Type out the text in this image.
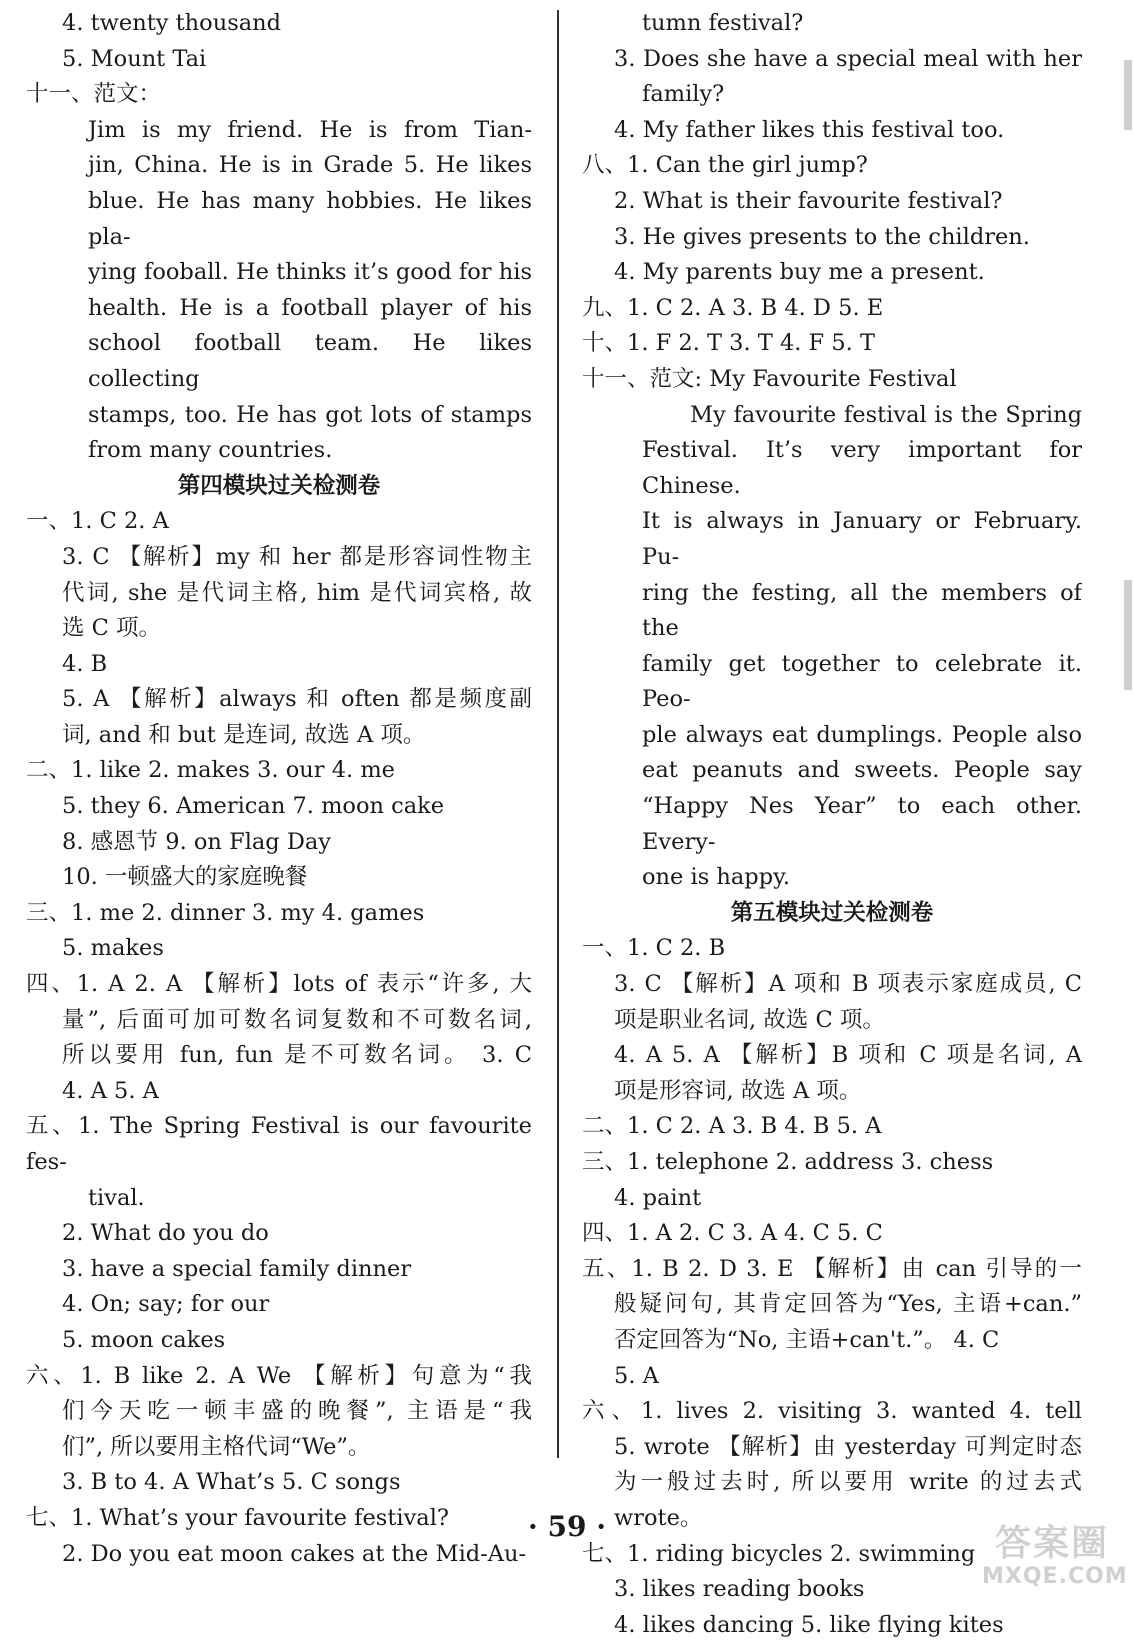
4. twenty thousand
5. Mount Tai
十一、范文：
Jim is my friend. He is from Tian-
jin, China. He is in Grade 5. He likes
blue. He has many hobbies. He likes pla-
ying fooball. He thinks it’s good for his
health. He is a football player of his
school football team. He likes collecting
stamps, too. He has got lots of stamps
from many countries.
第四模块过关检测卷
一、1. C 2. A
3. C 【解析】my 和 her 都是形容词性物主
代词, she 是代词主格, him 是代词宾格, 故
选 C 项。
4. B
5. A 【解析】always 和 often 都是频度副
词, and 和 but 是连词, 故选 A 项。
二、1. like 2. makes 3. our 4. me
5. they 6. American 7. moon cake
8. 感恩节 9. on Flag Day
10. 一顿盛大的家庭晚餐
三、1. me 2. dinner 3. my 4. games
5. makes
四、1. A 2. A 【解析】lots of 表示“许多, 大
量”, 后面可加可数名词复数和不可数名词,
所以要用 fun, fun 是不可数名词。 3. C
4. A 5. A
五、1. The Spring Festival is our favourite fes-
tival.
2. What do you do
3. have a special family dinner
4. On; say; for our
5. moon cakes
六、1. B like 2. A We 【解析】句意为“我
们今天吃一顿丰盛的晚餐”, 主语是“我
们”, 所以要用主格代词“We”。
3. B to 4. A What’s 5. C songs
七、1. What’s your favourite festival?
2. Do you eat moon cakes at the Mid-Au-
tumn festival?
3. Does she have a special meal with her
family?
4. My father likes this festival too.
八、1. Can the girl jump?
2. What is their favourite festival?
3. He gives presents to the children.
4. My parents buy me a present.
九、1. C 2. A 3. B 4. D 5. E
十、1. F 2. T 3. T 4. F 5. T
十一、范文: My Favourite Festival
My favourite festival is the Spring
Festival. It’s very important for Chinese.
It is always in January or February. Pu-
ring the festing, all the members of the
family get together to celebrate it. Peo-
ple always eat dumplings. People also
eat peanuts and sweets. People say
“Happy Nes Year” to each other. Every-
one is happy.
第五模块过关检测卷
一、1. C 2. B
3. C 【解析】A 项和 B 项表示家庭成员, C
项是职业名词, 故选 C 项。
4. A 5. A 【解析】B 项和 C 项是名词, A
项是形容词, 故选 A 项。
二、1. C 2. A 3. B 4. B 5. A
三、1. telephone 2. address 3. chess
4. paint
四、1. A 2. C 3. A 4. C 5. C
五、1. B 2. D 3. E 【解析】由 can 引导的一
般疑问句, 其肯定回答为“Yes, 主语+can.”
否定回答为“No, 主语+can't.”。 4. C
5. A
六、1. lives 2. visiting 3. wanted 4. tell
5. wrote 【解析】由 yesterday 可判定时态
为一般过去时, 所以要用 write 的过去式
wrote。
七、1. riding bicycles 2. swimming
3. likes reading books
4. likes dancing 5. like flying kites
· 59 ·	答案圈
MXQE.COM
